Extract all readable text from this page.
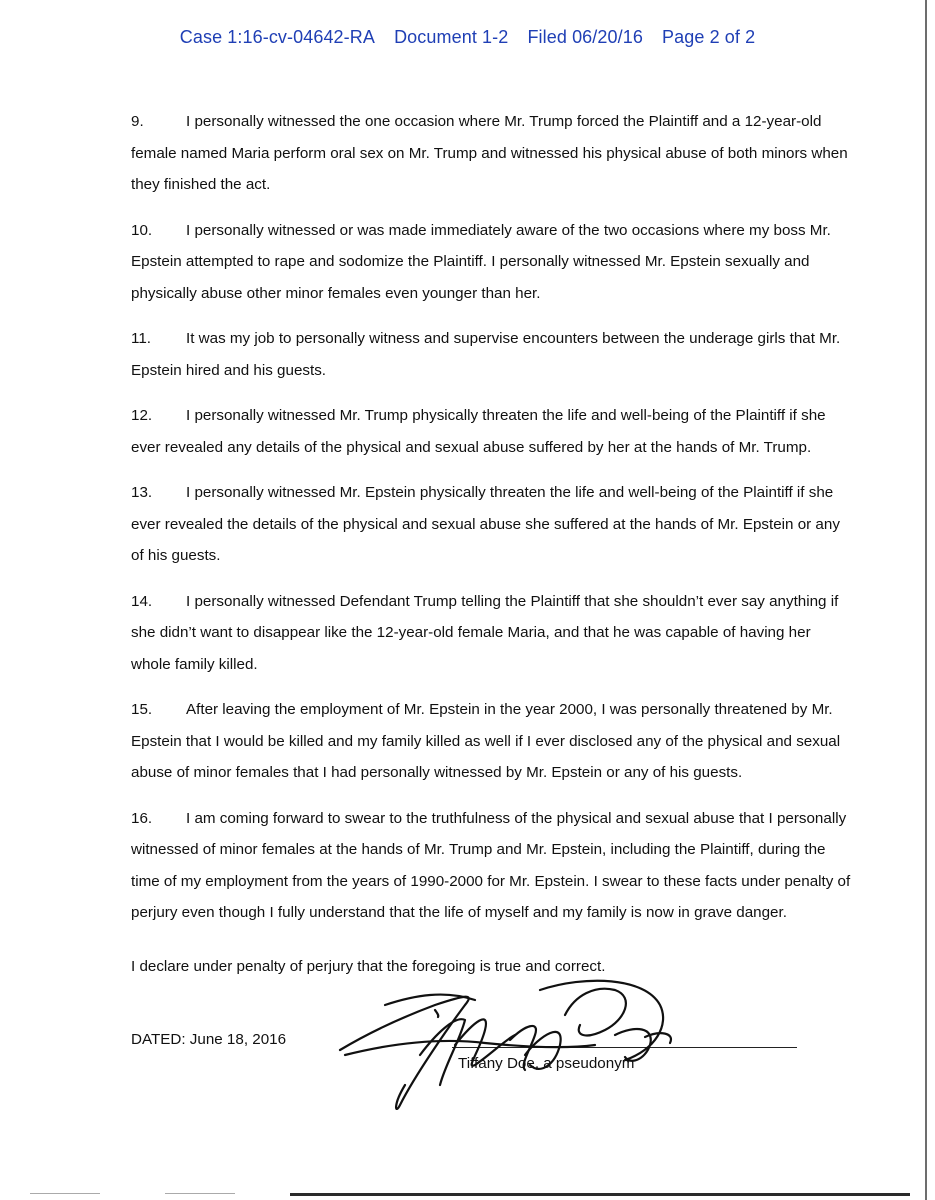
Case 1:16-cv-04642-RA Document 1-2 Filed 06/20/16 Page 2 of 2
9.	I personally witnessed the one occasion where Mr. Trump forced the Plaintiff and a 12-year-old female named Maria perform oral sex on Mr. Trump and witnessed his physical abuse of both minors when they finished the act.
10. I personally witnessed or was made immediately aware of the two occasions where my boss Mr. Epstein attempted to rape and sodomize the Plaintiff. I personally witnessed Mr. Epstein sexually and physically abuse other minor females even younger than her.
11. It was my job to personally witness and supervise encounters between the underage girls that Mr. Epstein hired and his guests.
12. I personally witnessed Mr. Trump physically threaten the life and well-being of the Plaintiff if she ever revealed any details of the physical and sexual abuse suffered by her at the hands of Mr. Trump.
13. I personally witnessed Mr. Epstein physically threaten the life and well-being of the Plaintiff if she ever revealed the details of the physical and sexual abuse she suffered at the hands of Mr. Epstein or any of his guests.
14. I personally witnessed Defendant Trump telling the Plaintiff that she shouldn’t ever say anything if she didn’t want to disappear like the 12-year-old female Maria, and that he was capable of having her whole family killed.
15. After leaving the employment of Mr. Epstein in the year 2000, I was personally threatened by Mr. Epstein that I would be killed and my family killed as well if I ever disclosed any of the physical and sexual abuse of minor females that I had personally witnessed by Mr. Epstein or any of his guests.
16. I am coming forward to swear to the truthfulness of the physical and sexual abuse that I personally witnessed of minor females at the hands of Mr. Trump and Mr. Epstein, including the Plaintiff, during the time of my employment from the years of 1990-2000 for Mr. Epstein. I swear to these facts under penalty of perjury even though I fully understand that the life of myself and my family is now in grave danger.
I declare under penalty of perjury that the foregoing is true and correct.
DATED: June 18, 2016
Tiffany Doe, a pseudonym
